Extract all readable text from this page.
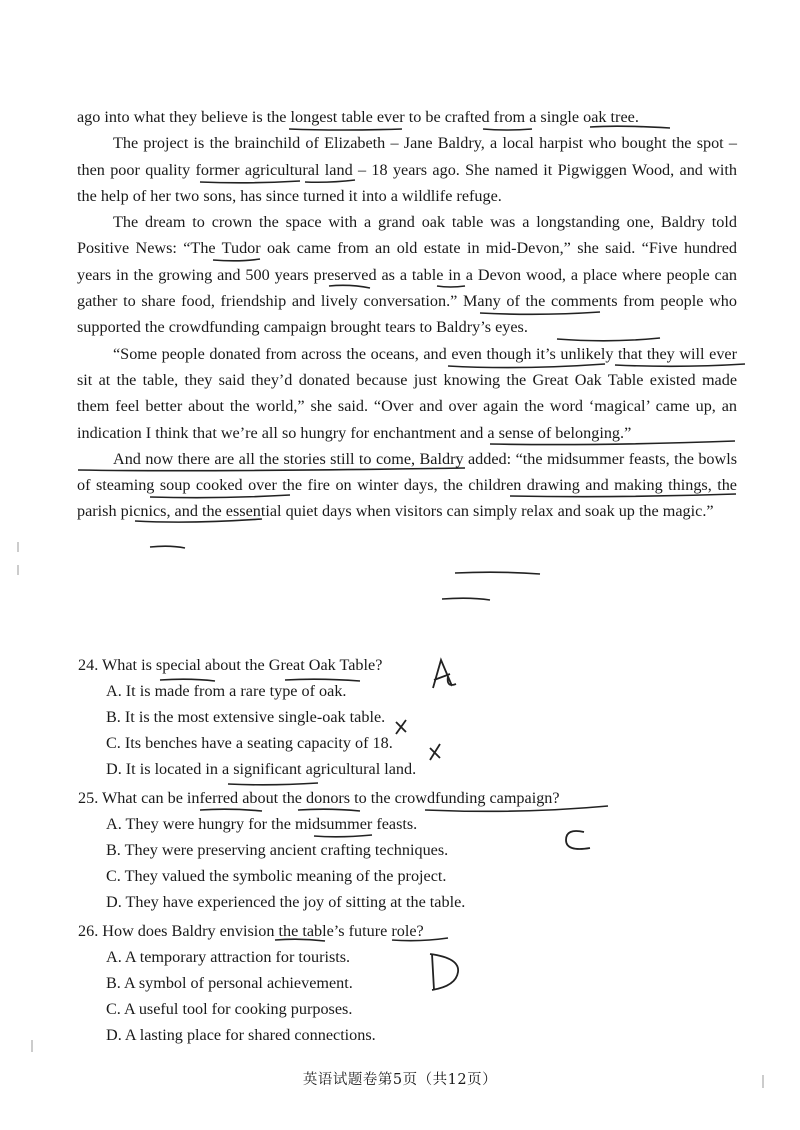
ago into what they believe is the longest table ever to be crafted from a single oak tree.

The project is the brainchild of Elizabeth – Jane Baldry, a local harpist who bought the spot – then poor quality former agricultural land – 18 years ago. She named it Pigwiggen Wood, and with the help of her two sons, has since turned it into a wildlife refuge.

The dream to crown the space with a grand oak table was a longstanding one, Baldry told Positive News: “The Tudor oak came from an old estate in mid-Devon,” she said. “Five hundred years in the growing and 500 years preserved as a table in a Devon wood, a place where people can gather to share food, friendship and lively conversation.” Many of the comments from people who supported the crowdfunding campaign brought tears to Baldry’s eyes.

“Some people donated from across the oceans, and even though it’s unlikely that they will ever sit at the table, they said they’d donated because just knowing the Great Oak Table existed made them feel better about the world,” she said. “Over and over again the word ‘magical’ came up, an indication I think that we’re all so hungry for enchantment and a sense of belonging.”

And now there are all the stories still to come, Baldry added: “the midsummer feasts, the bowls of steaming soup cooked over the fire on winter days, the children drawing and making things, the parish picnics, and the essential quiet days when visitors can simply relax and soak up the magic.”

24. What is special about the Great Oak Table?

A. It is made from a rare type of oak.

B. It is the most extensive single-oak table.

C. Its benches have a seating capacity of 18.

D. It is located in a significant agricultural land.

25. What can be inferred about the donors to the crowdfunding campaign?

A. They were hungry for the midsummer feasts.

B. They were preserving ancient crafting techniques.

C. They valued the symbolic meaning of the project.

D. They have experienced the joy of sitting at the table.

26. How does Baldry envision the table’s future role?

A. A temporary attraction for tourists.

B. A symbol of personal achievement.

C. A useful tool for cooking purposes.

D. A lasting place for shared connections.

英语试题卷第5页（共12页）
